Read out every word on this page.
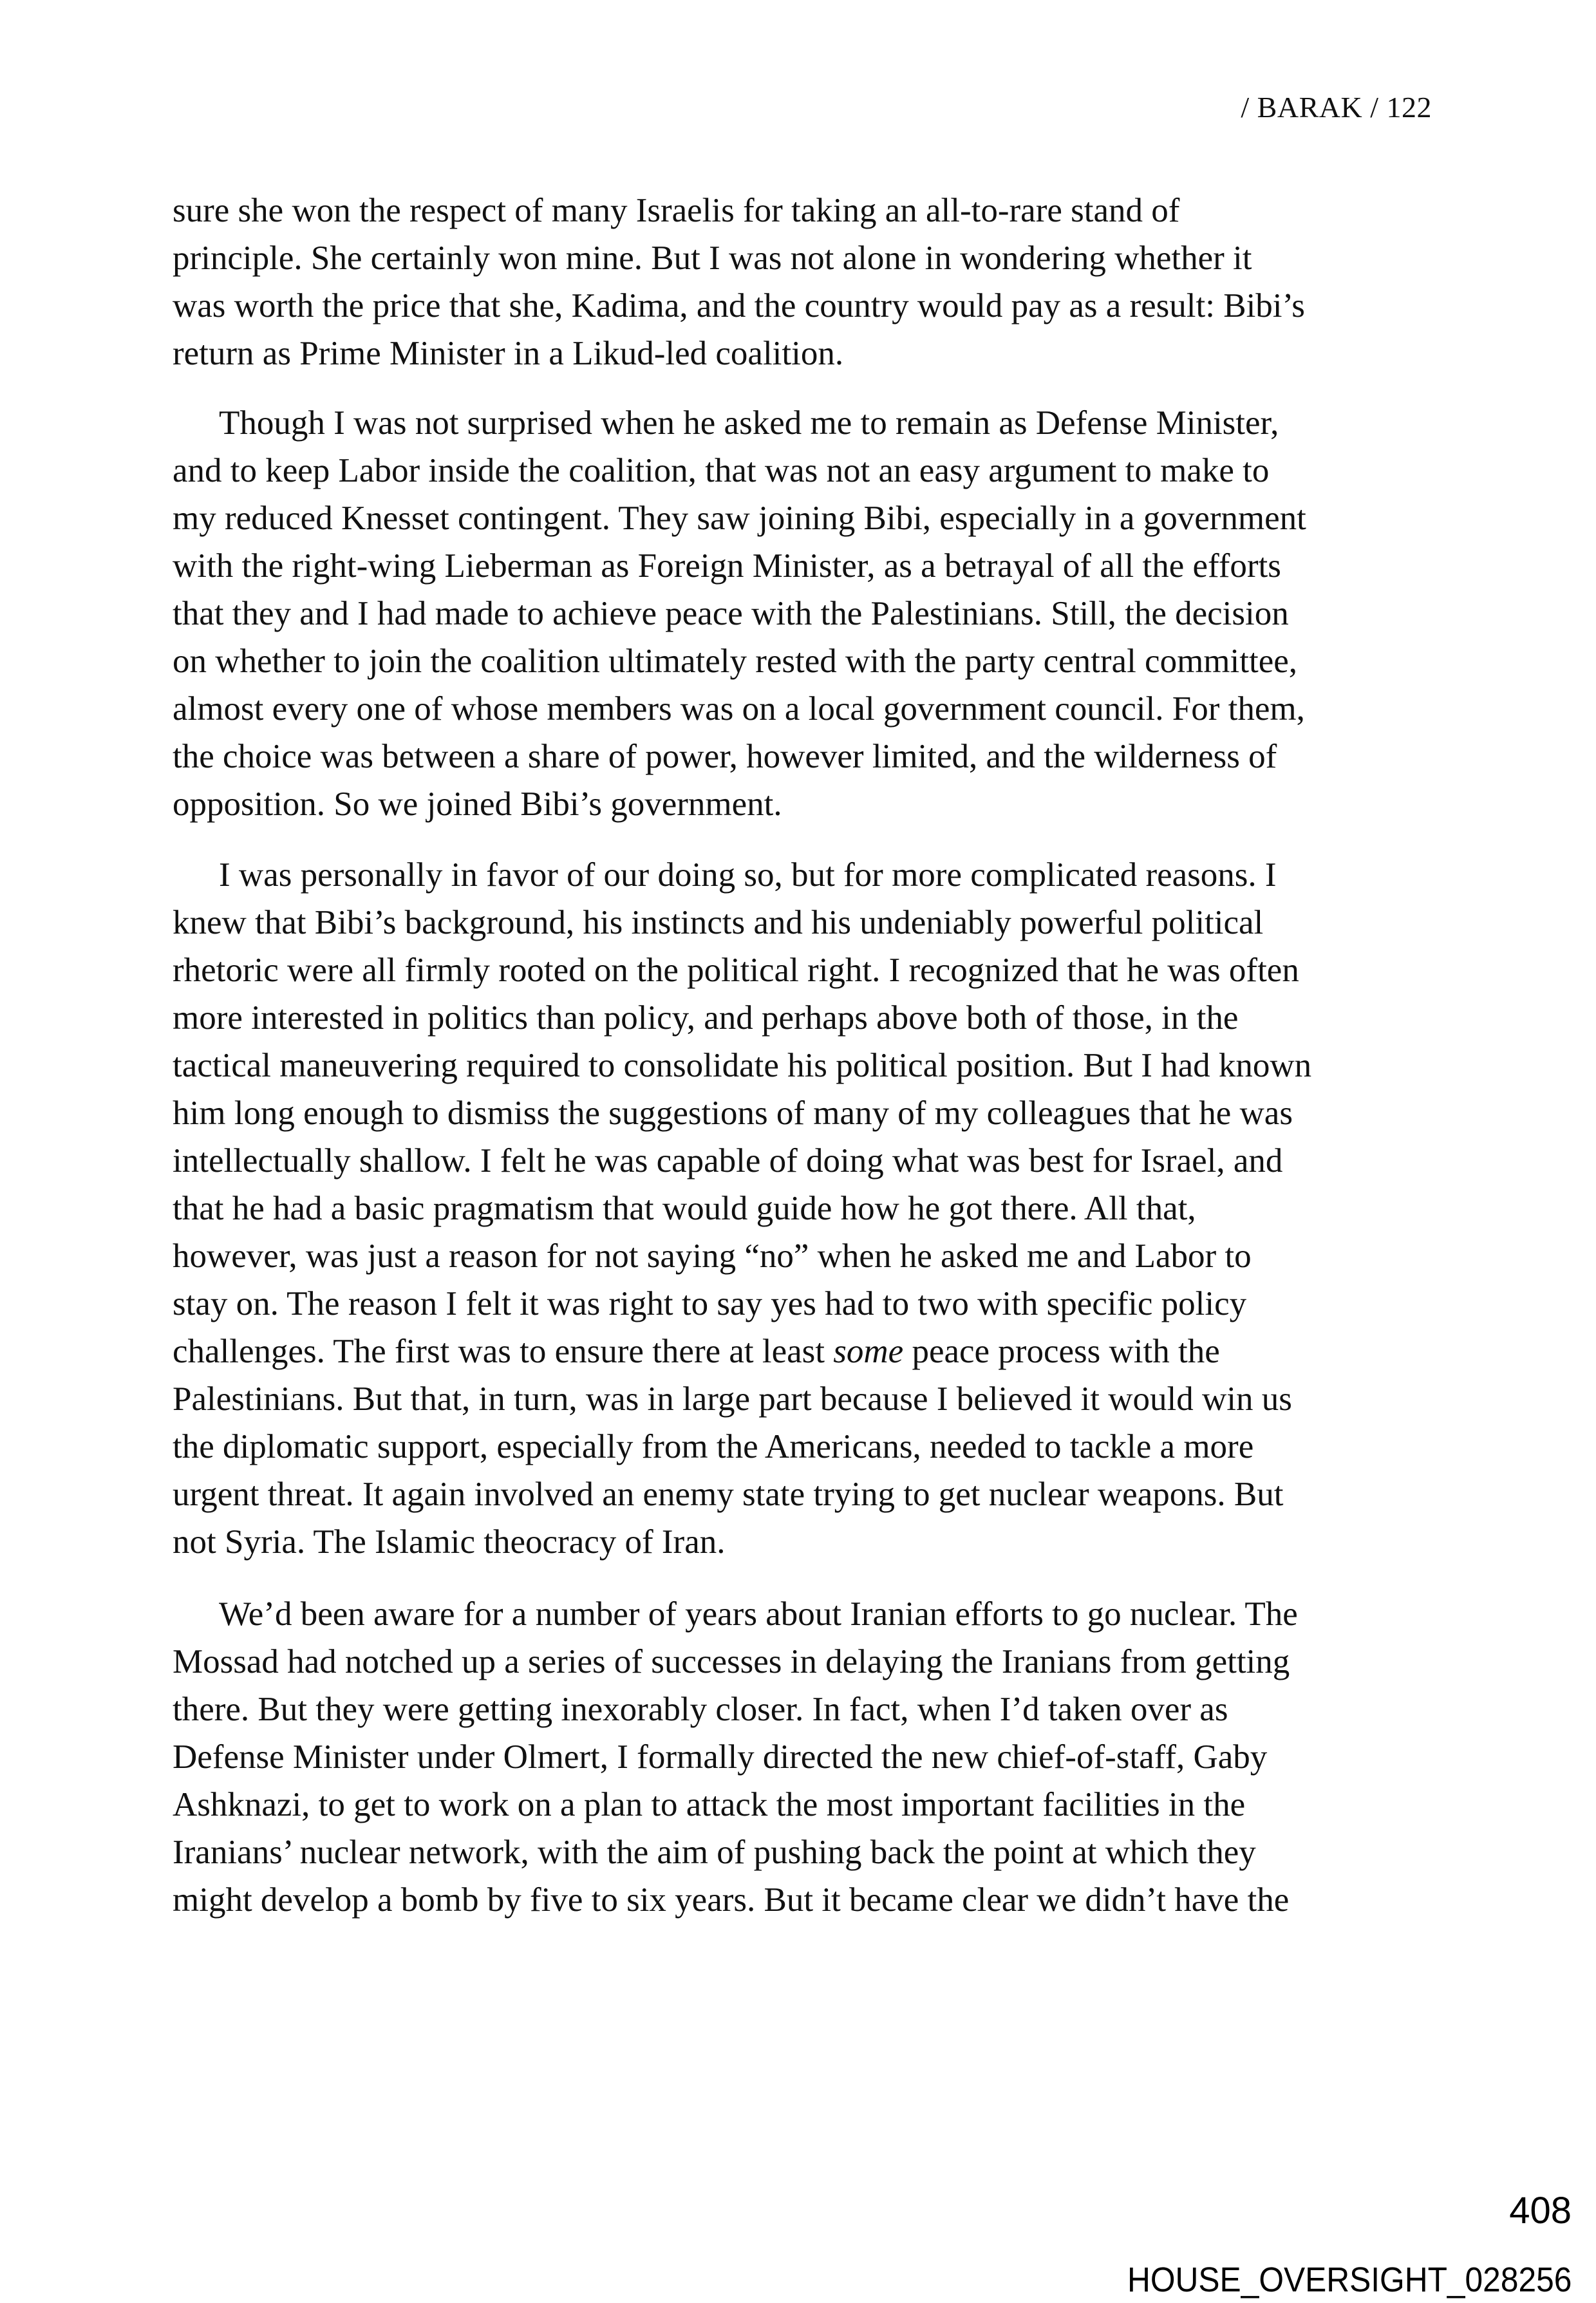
/ BARAK / 122

sure she won the respect of many Israelis for taking an all-to-rare stand of
principle. She certainly won mine. But I was not alone in wondering whether it
was worth the price that she, Kadima, and the country would pay as a result: Bibi’s
return as Prime Minister in a Likud-led coalition.

Though I was not surprised when he asked me to remain as Defense Minister,
and to keep Labor inside the coalition, that was not an easy argument to make to
my reduced Knesset contingent. They saw joining Bibi, especially in a government
with the right-wing Lieberman as Foreign Minister, as a betrayal of all the efforts
that they and I had made to achieve peace with the Palestinians. Still, the decision
on whether to join the coalition ultimately rested with the party central committee,
almost every one of whose members was on a local government council. For them,
the choice was between a share of power, however limited, and the wilderness of
opposition. So we joined Bibi’s government.

I was personally in favor of our doing so, but for more complicated reasons. I
knew that Bibi’s background, his instincts and his undeniably powerful political
rhetoric were all firmly rooted on the political right. I recognized that he was often
more interested in politics than policy, and perhaps above both of those, in the
tactical maneuvering required to consolidate his political position. But I had known
him long enough to dismiss the suggestions of many of my colleagues that he was
intellectually shallow. I felt he was capable of doing what was best for Israel, and
that he had a basic pragmatism that would guide how he got there. All that,
however, was just a reason for not saying “no” when he asked me and Labor to
stay on. The reason I felt it was right to say yes had to two with specific policy
challenges. The first was to ensure there at least some peace process with the
Palestinians. But that, in turn, was in large part because I believed it would win us
the diplomatic support, especially from the Americans, needed to tackle a more
urgent threat. It again involved an enemy state trying to get nuclear weapons. But
not Syria. The Islamic theocracy of Iran.

We’d been aware for a number of years about Iranian efforts to go nuclear. The
Mossad had notched up a series of successes in delaying the Iranians from getting
there. But they were getting inexorably closer. In fact, when I’d taken over as
Defense Minister under Olmert, I formally directed the new chief-of-staff, Gaby
Ashknazi, to get to work on a plan to attack the most important facilities in the
Iranians’ nuclear network, with the aim of pushing back the point at which they
might develop a bomb by five to six years. But it became clear we didn’t have the

408
HOUSE_OVERSIGHT_028256
